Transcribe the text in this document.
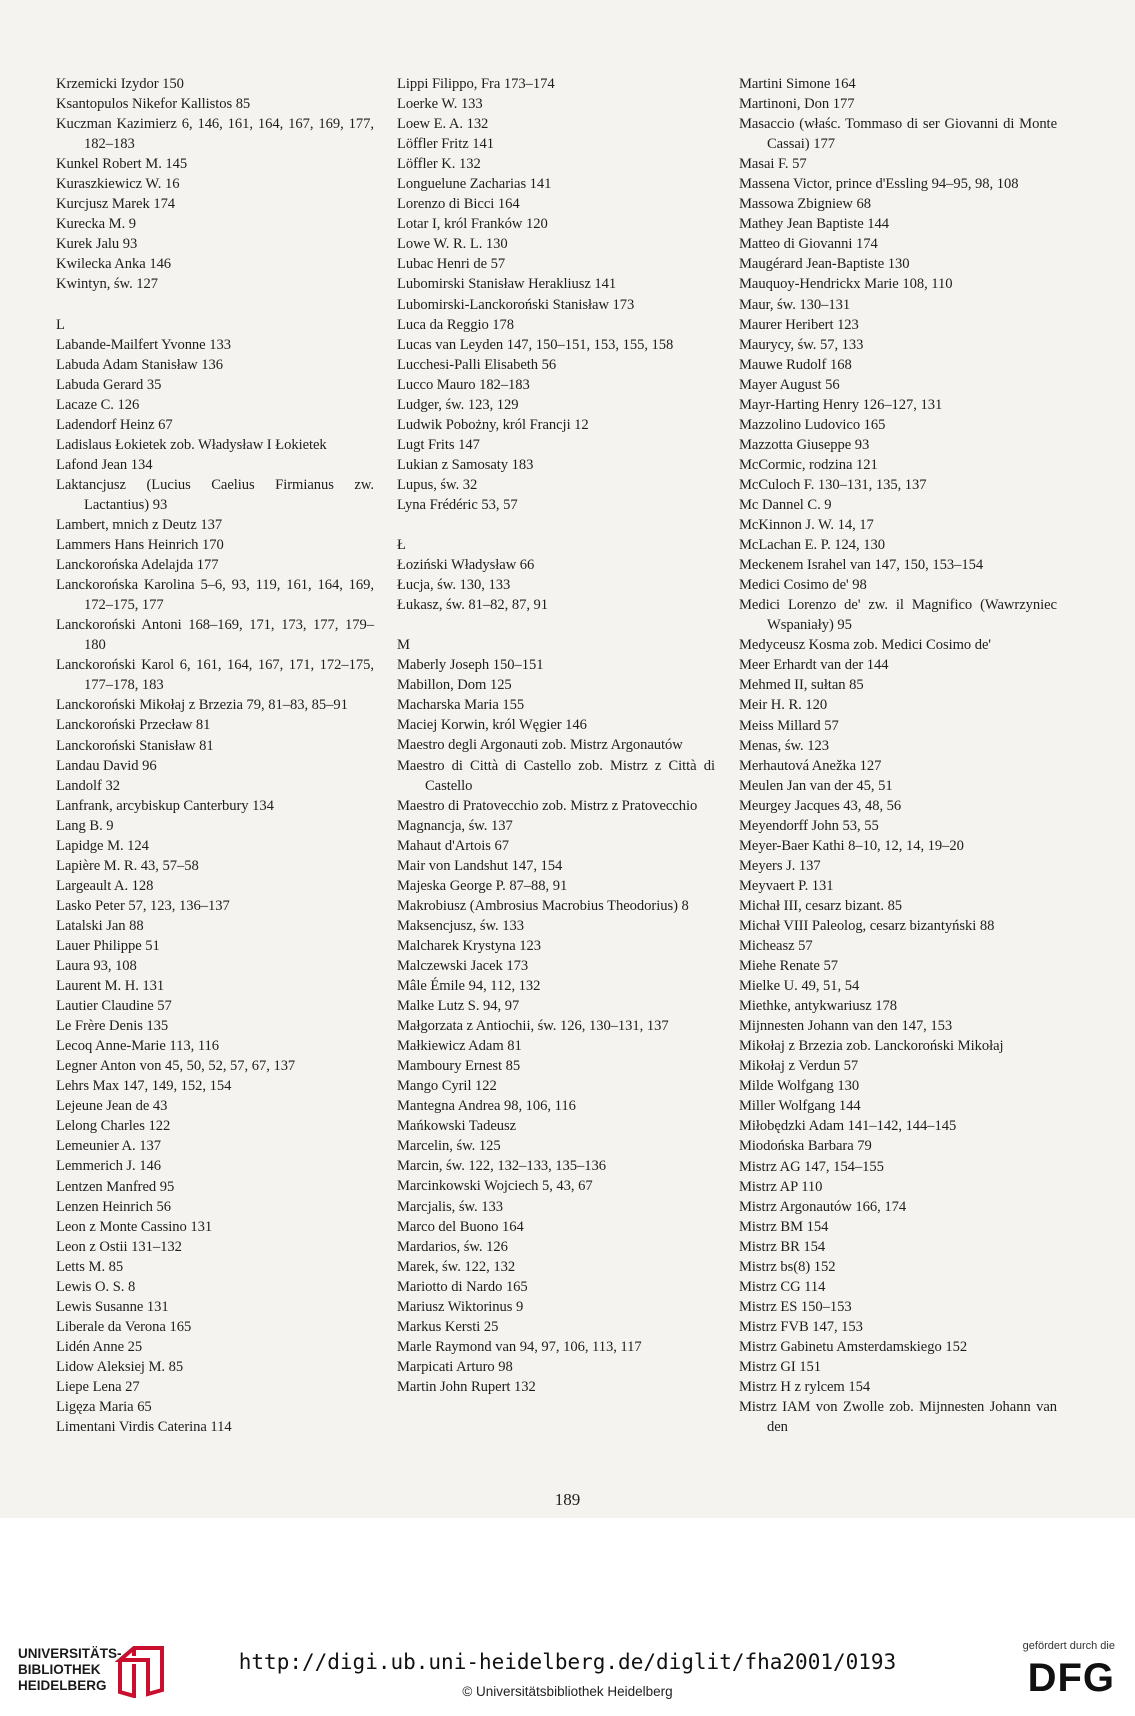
Krzemicki Izydor 150
Ksantopulos Nikefor Kallistos 85
Kuczman Kazimierz 6, 146, 161, 164, 167, 169, 177, 182–183
Kunkel Robert M. 145
Kuraszkiewicz W. 16
Kurcjusz Marek 174
Kurecka M. 9
Kurek Jalu 93
Kwilecka Anka 146
Kwintyn, św. 127
L
Labande-Mailfert Yvonne 133
Labuda Adam Stanisław 136
Labuda Gerard 35
Lacaze C. 126
Ladendorf Heinz 67
Ladislaus Łokietek zob. Władysław I Łokietek
Lafond Jean 134
Laktancjusz (Lucius Caelius Firmianus zw. Lactantius) 93
Lambert, mnich z Deutz 137
Lammers Hans Heinrich 170
Lanckorońska Adelajda 177
Lanckorońska Karolina 5–6, 93, 119, 161, 164, 169, 172–175, 177
Lanckoroński Antoni 168–169, 171, 173, 177, 179–180
Lanckoroński Karol 6, 161, 164, 167, 171, 172–175, 177–178, 183
Lanckoroński Mikołaj z Brzezia 79, 81–83, 85–91
Lanckoroński Przecław 81
Lanckoroński Stanisław 81
Landau David 96
Landolf 32
Lanfrank, arcybiskup Canterbury 134
Lang B. 9
Lapidge M. 124
Lapière M. R. 43, 57–58
Largeault A. 128
Lasko Peter 57, 123, 136–137
Latalski Jan 88
Lauer Philippe 51
Laura 93, 108
Laurent M. H. 131
Lautier Claudine 57
Le Frère Denis 135
Lecoq Anne-Marie 113, 116
Legner Anton von 45, 50, 52, 57, 67, 137
Lehrs Max 147, 149, 152, 154
Lejeune Jean de 43
Lelong Charles 122
Lemeunier A. 137
Lemmerich J. 146
Lentzen Manfred 95
Lenzen Heinrich 56
Leon z Monte Cassino 131
Leon z Ostii 131–132
Letts M. 85
Lewis O. S. 8
Lewis Susanne 131
Liberale da Verona 165
Lidén Anne 25
Lidow Aleksiej M. 85
Liepe Lena 27
Ligęza Maria 65
Limentani Virdis Caterina 114
Lippi Filippo, Fra 173–174
Loerke W. 133
Loew E. A. 132
Löffler Fritz 141
Löffler K. 132
Longuelune Zacharias 141
Lorenzo di Bicci 164
Lotar I, król Franków 120
Lowe W. R. L. 130
Lubac Henri de 57
Lubomirski Stanisław Herakliusz 141
Lubomirski-Lanckoroński Stanisław 173
Luca da Reggio 178
Lucas van Leyden 147, 150–151, 153, 155, 158
Lucchesi-Palli Elisabeth 56
Lucco Mauro 182–183
Ludger, św. 123, 129
Ludwik Pobożny, król Francji 12
Lugt Frits 147
Lukian z Samosaty 183
Lupus, św. 32
Lyna Frédéric 53, 57
Ł
Łoziński Władysław 66
Łucja, św. 130, 133
Łukasz, św. 81–82, 87, 91
M
Maberly Joseph 150–151
Mabillon, Dom 125
Macharska Maria 155
Maciej Korwin, król Węgier 146
Maestro degli Argonauti zob. Mistrz Argonautów
Maestro di Città di Castello zob. Mistrz z Città di Castello
Maestro di Pratovecchio zob. Mistrz z Pratovecchio
Magnancja, św. 137
Mahaut d'Artois 67
Mair von Landshut 147, 154
Majeska George P. 87–88, 91
Makrobiusz (Ambrosius Macrobius Theodorius) 8
Maksencjusz, św. 133
Malcharek Krystyna 123
Malczewski Jacek 173
Mâle Émile 94, 112, 132
Malke Lutz S. 94, 97
Małgorzata z Antiochii, św. 126, 130–131, 137
Małkiewicz Adam 81
Mamboury Ernest 85
Mango Cyril 122
Mantegna Andrea 98, 106, 116
Mańkowski Tadeusz
Marcelin, św. 125
Marcin, św. 122, 132–133, 135–136
Marcinkowski Wojciech 5, 43, 67
Marcjalis, św. 133
Marco del Buono 164
Mardarios, św. 126
Marek, św. 122, 132
Mariotto di Nardo 165
Mariusz Wiktorinus 9
Markus Kersti 25
Marle Raymond van 94, 97, 106, 113, 117
Marpicati Arturo 98
Martin John Rupert 132
Martini Simone 164
Martinoni, Don 177
Masaccio (właśc. Tommaso di ser Giovanni di Monte Cassai) 177
Masai F. 57
Massena Victor, prince d'Essling 94–95, 98, 108
Massowa Zbigniew 68
Mathey Jean Baptiste 144
Matteo di Giovanni 174
Maugérard Jean-Baptiste 130
Mauquoy-Hendrickx Marie 108, 110
Maur, św. 130–131
Maurer Heribert 123
Maurycy, św. 57, 133
Mauwe Rudolf 168
Mayer August 56
Mayr-Harting Henry 126–127, 131
Mazzolino Ludovico 165
Mazzotta Giuseppe 93
McCormic, rodzina 121
McCuloch F. 130–131, 135, 137
Mc Dannel C. 9
McKinnon J. W. 14, 17
McLachan E. P. 124, 130
Meckenem Israhel van 147, 150, 153–154
Medici Cosimo de' 98
Medici Lorenzo de' zw. il Magnifico (Wawrzyniec Wspaniały) 95
Medyceusz Kosma zob. Medici Cosimo de'
Meer Erhardt van der 144
Mehmed II, sułtan 85
Meir H. R. 120
Meiss Millard 57
Menas, św. 123
Merhautová Anežka 127
Meulen Jan van der 45, 51
Meurgey Jacques 43, 48, 56
Meyendorff John 53, 55
Meyer-Baer Kathi 8–10, 12, 14, 19–20
Meyers J. 137
Meyvaert P. 131
Michał III, cesarz bizant. 85
Michał VIII Paleolog, cesarz bizantyński 88
Micheasz 57
Miehe Renate 57
Mielke U. 49, 51, 54
Miethke, antykwariusz 178
Mijnnesten Johann van den 147, 153
Mikołaj z Brzezia zob. Lanckoroński Mikołaj
Mikołaj z Verdun 57
Milde Wolfgang 130
Miller Wolfgang 144
Miłobędzki Adam 141–142, 144–145
Miodońska Barbara 79
Mistrz AG 147, 154–155
Mistrz AP 110
Mistrz Argonautów 166, 174
Mistrz BM 154
Mistrz BR 154
Mistrz bs(8) 152
Mistrz CG 114
Mistrz ES 150–153
Mistrz FVB 147, 153
Mistrz Gabinetu Amsterdamskiego 152
Mistrz GI 151
Mistrz H z rylcem 154
Mistrz IAM von Zwolle zob. Mijnnesten Johann van den
189
UNIVERSITÄTS-
BIBLIOTHEK
HEIDELBERG
http://digi.ub.uni-heidelberg.de/diglit/fha2001/0193
© Universitätsbibliothek Heidelberg
gefördert durch die
DFG
